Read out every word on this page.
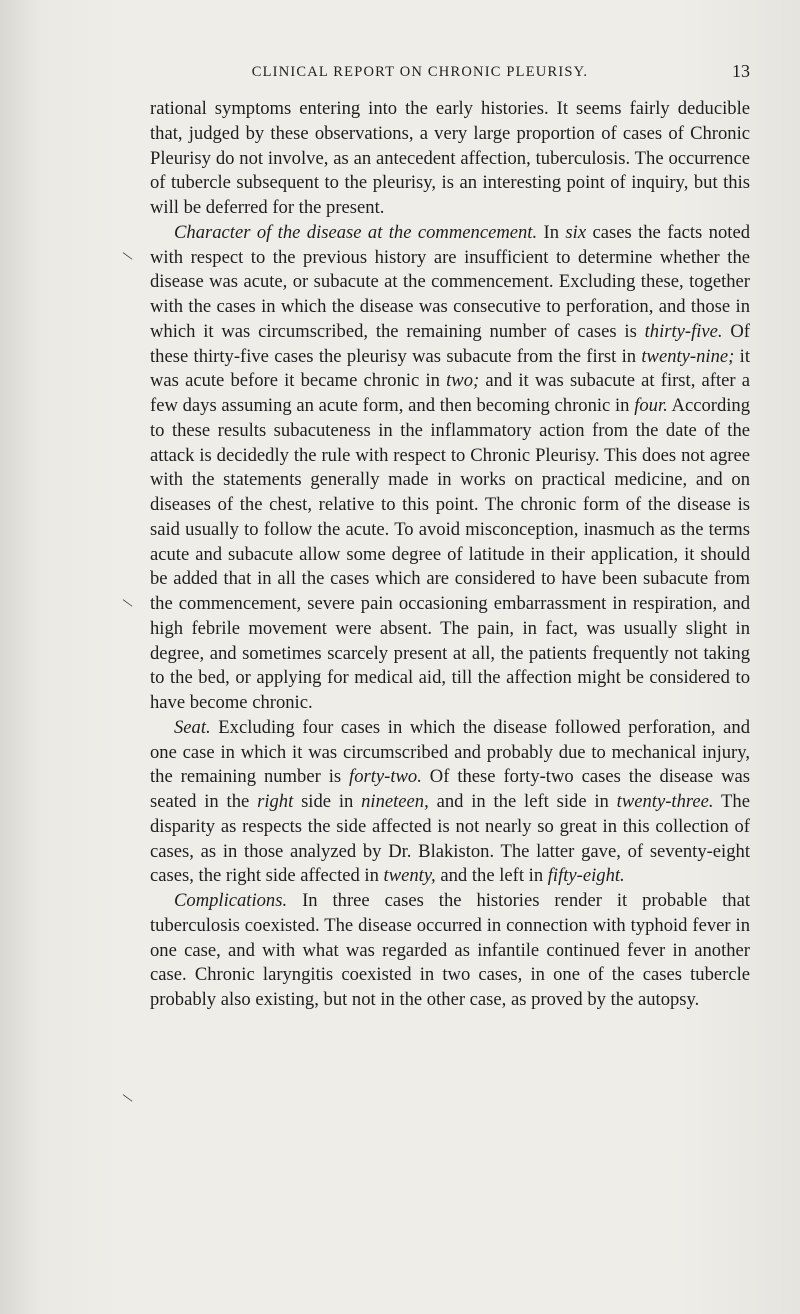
CLINICAL REPORT ON CHRONIC PLEURISY.	13
\
\
\

rational symptoms entering into the early histories. It seems fairly deducible that, judged by these observations, a very large proportion of cases of Chronic Pleurisy do not involve, as an antecedent affection, tuberculosis. The occurrence of tubercle subsequent to the pleurisy, is an interesting point of inquiry, but this will be deferred for the present.

Character of the disease at the commencement. In six cases the facts noted with respect to the previous history are insufficient to determine whether the disease was acute, or subacute at the commencement. Excluding these, together with the cases in which the disease was consecutive to perforation, and those in which it was circumscribed, the remaining number of cases is thirty-five. Of these thirty-five cases the pleurisy was subacute from the first in twenty-nine; it was acute before it became chronic in two; and it was subacute at first, after a few days assuming an acute form, and then becoming chronic in four. According to these results subacuteness in the inflammatory action from the date of the attack is decidedly the rule with respect to Chronic Pleurisy. This does not agree with the statements generally made in works on practical medicine, and on diseases of the chest, relative to this point. The chronic form of the disease is said usually to follow the acute. To avoid misconception, inasmuch as the terms acute and subacute allow some degree of latitude in their application, it should be added that in all the cases which are considered to have been subacute from the commencement, severe pain occasioning embarrassment in respiration, and high febrile movement were absent. The pain, in fact, was usually slight in degree, and sometimes scarcely present at all, the patients frequently not taking to the bed, or applying for medical aid, till the affection might be considered to have become chronic.

Seat. Excluding four cases in which the disease followed perforation, and one case in which it was circumscribed and probably due to mechanical injury, the remaining number is forty-two. Of these forty-two cases the disease was seated in the right side in nineteen, and in the left side in twenty-three. The disparity as respects the side affected is not nearly so great in this collection of cases, as in those analyzed by Dr. Blakiston. The latter gave, of seventy-eight cases, the right side affected in twenty, and the left in fifty-eight.

Complications. In three cases the histories render it probable that tuberculosis coexisted. The disease occurred in connection with typhoid fever in one case, and with what was regarded as infantile continued fever in another case. Chronic laryngitis coexisted in two cases, in one of the cases tubercle probably also existing, but not in the other case, as proved by the autopsy.
